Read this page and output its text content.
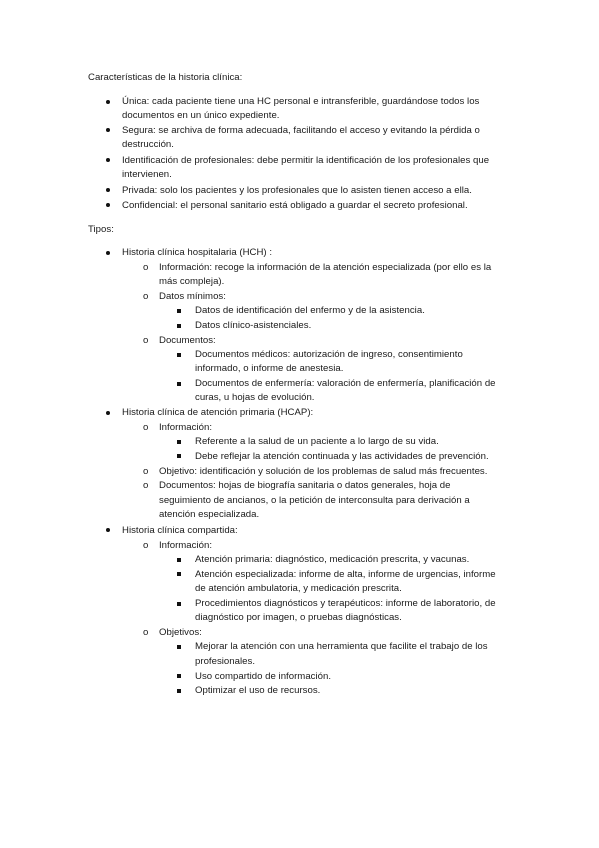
Características de la historia clínica:
Única: cada paciente tiene una HC personal e intransferible, guardándose todos los
documentos en un único expediente.
Segura: se archiva de forma adecuada, facilitando el acceso y evitando la pérdida o
destrucción.
Identificación de profesionales: debe permitir la identificación de los profesionales que
intervienen.
Privada: solo los pacientes y los profesionales que lo asisten tienen acceso a ella.
Confidencial: el personal sanitario está obligado a guardar el secreto profesional.
Tipos:
Historia clínica hospitalaria (HCH) :
o Información: recoge la información de la atención especializada (por ello es la
más compleja).
o Datos mínimos:
Datos de identificación del enfermo y de la asistencia.
Datos clínico-asistenciales.
o Documentos:
Documentos médicos: autorización de ingreso, consentimiento
informado, o informe de anestesia.
Documentos de enfermería: valoración de enfermería, planificación de
curas, u hojas de evolución.
Historia clínica de atención primaria (HCAP):
o Información:
Referente a la salud de un paciente a lo largo de su vida.
Debe reflejar la atención continuada y las actividades de prevención.
o Objetivo: identificación y solución de los problemas de salud más frecuentes.
o Documentos: hojas de biografía sanitaria o datos generales, hoja de
seguimiento de ancianos, o la petición de interconsulta para derivación a
atención especializada.
Historia clínica compartida:
o Información:
Atención primaria: diagnóstico, medicación prescrita, y vacunas.
Atención especializada: informe de alta, informe de urgencias, informe
de atención ambulatoria, y medicación prescrita.
Procedimientos diagnósticos y terapéuticos: informe de laboratorio, de
diagnóstico por imagen, o pruebas diagnósticas.
o Objetivos:
Mejorar la atención con una herramienta que facilite el trabajo de los
profesionales.
Uso compartido de información.
Optimizar el uso de recursos.
